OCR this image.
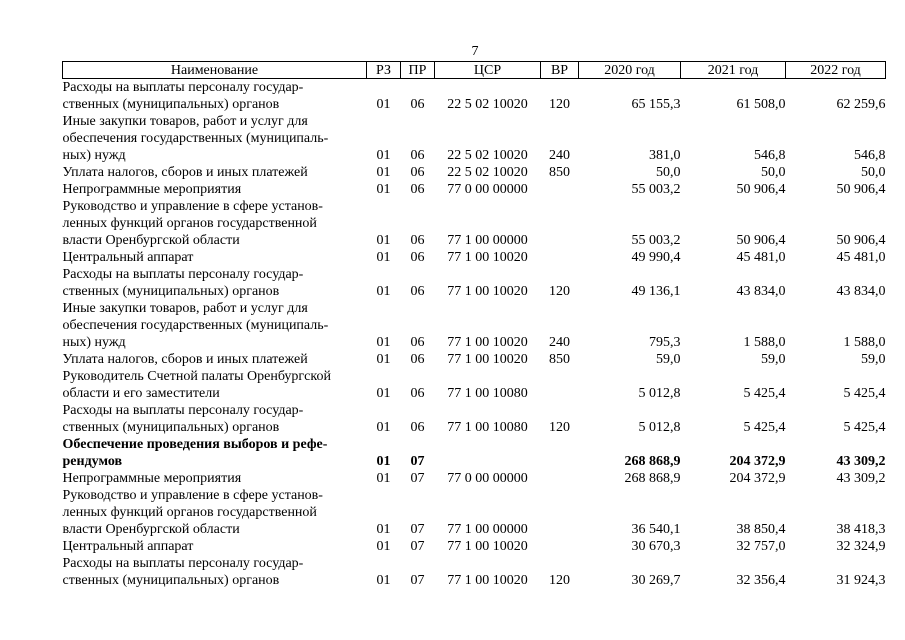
7
Наименование	РЗ	ПР	ЦСР	ВР	2020 год	2021 год	2022 год

Расходы на выплаты персоналу государ-
ственных (муниципальных) органов	01	06	22 5 02 10020	120	65 155,3	61 508,0	62 259,6

Иные закупки товаров, работ и услуг для
обеспечения государственных (муниципаль-
ных) нужд	01	06	22 5 02 10020	240	381,0	546,8	546,8

Уплата налогов, сборов и иных платежей	01	06	22 5 02 10020	850	50,0	50,0	50,0

Непрограммные мероприятия	01	06	77 0 00 00000		55 003,2	50 906,4	50 906,4

Руководство и управление в сфере установ-
ленных функций органов государственной
власти Оренбургской области	01	06	77 1 00 00000		55 003,2	50 906,4	50 906,4

Центральный аппарат	01	06	77 1 00 10020		49 990,4	45 481,0	45 481,0

Расходы на выплаты персоналу государ-
ственных (муниципальных) органов	01	06	77 1 00 10020	120	49 136,1	43 834,0	43 834,0

Иные закупки товаров, работ и услуг для
обеспечения государственных (муниципаль-
ных) нужд	01	06	77 1 00 10020	240	795,3	1 588,0	1 588,0

Уплата налогов, сборов и иных платежей	01	06	77 1 00 10020	850	59,0	59,0	59,0

Руководитель Счетной палаты Оренбургской
области и его заместители	01	06	77 1 00 10080		5 012,8	5 425,4	5 425,4

Расходы на выплаты персоналу государ-
ственных (муниципальных) органов	01	06	77 1 00 10080	120	5 012,8	5 425,4	5 425,4

Обеспечение проведения выборов и рефе-
рендумов	01	07			268 868,9	204 372,9	43 309,2

Непрограммные мероприятия	01	07	77 0 00 00000		268 868,9	204 372,9	43 309,2

Руководство и управление в сфере установ-
ленных функций органов государственной
власти Оренбургской области	01	07	77 1 00 00000		36 540,1	38 850,4	38 418,3

Центральный аппарат	01	07	77 1 00 10020		30 670,3	32 757,0	32 324,9

Расходы на выплаты персоналу государ-
ственных (муниципальных) органов	01	07	77 1 00 10020	120	30 269,7	32 356,4	31 924,3
